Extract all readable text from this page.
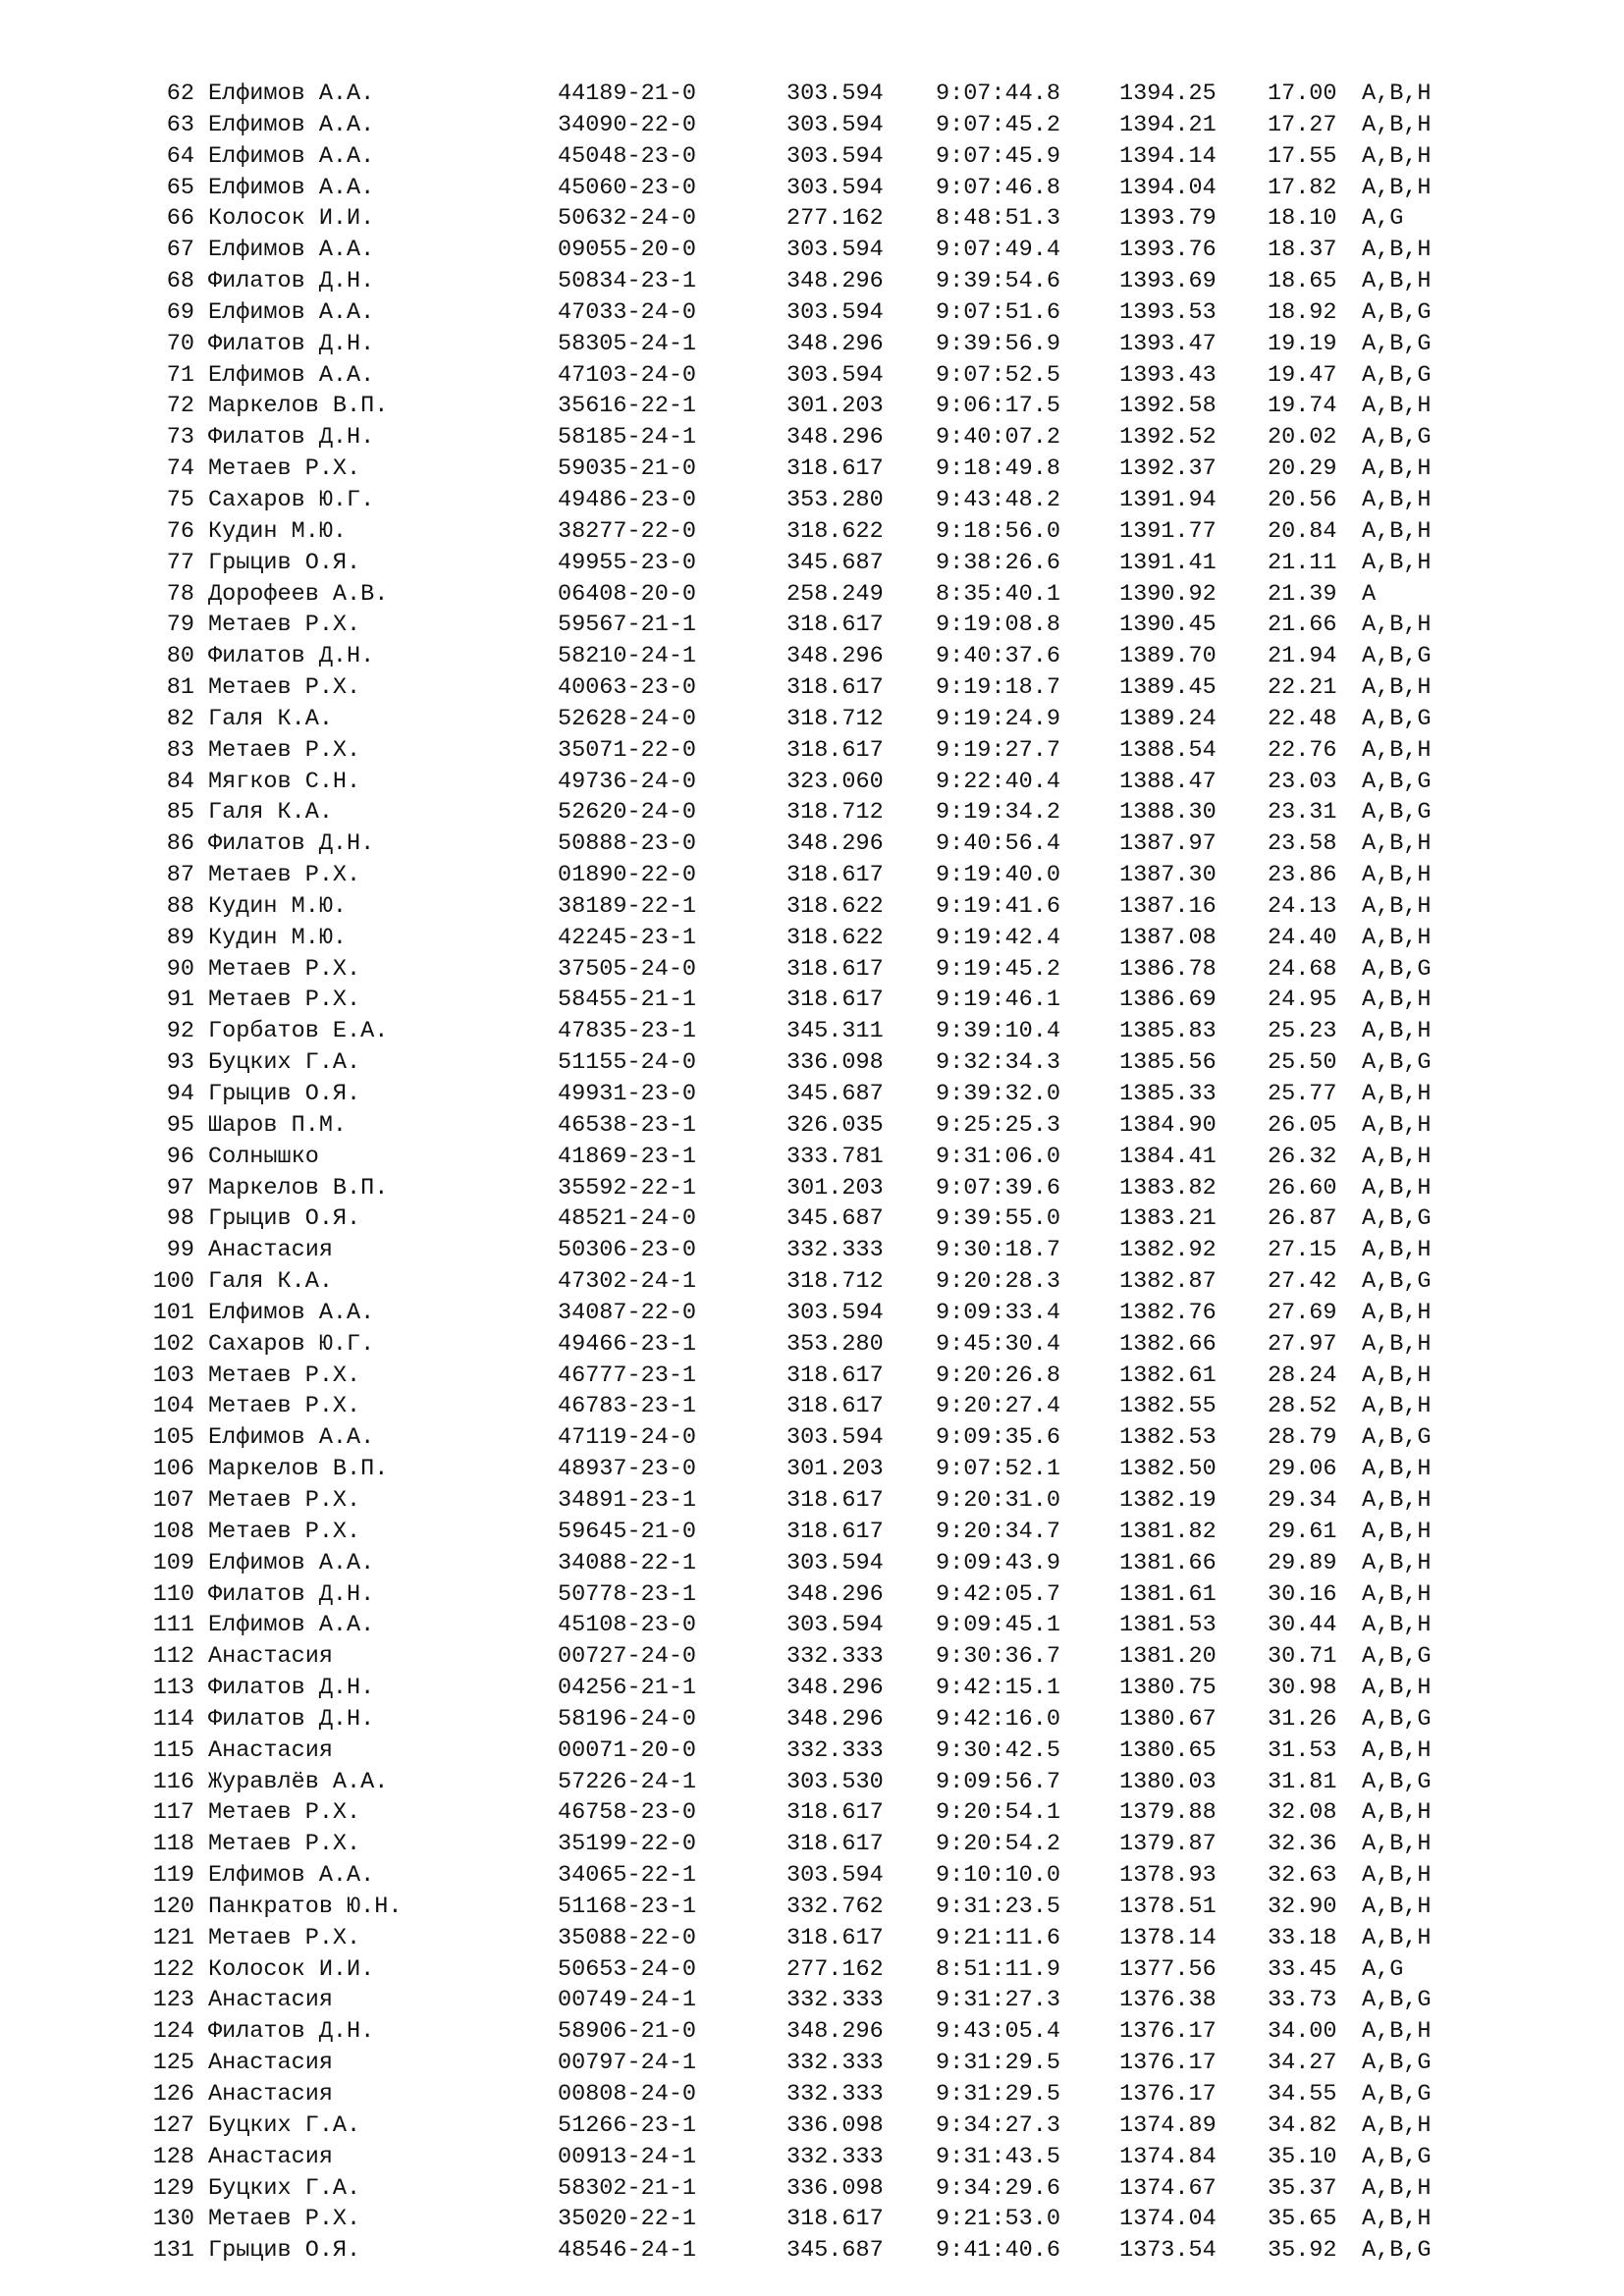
62 Елфимов А.А.	44189-21-0	303.594 9:07:44.8	1394.25 17.00 A,B,H
63 Елфимов А.А.	34090-22-0	303.594 9:07:45.2	1394.21 17.27 A,B,H
64 Елфимов А.А.	45048-23-0	303.594 9:07:45.9	1394.14 17.55 A,B,H
65 Елфимов А.А.	45060-23-0	303.594 9:07:46.8	1394.04 17.82 A,B,H
66 Колосок И.И.	50632-24-0	277.162 8:48:51.3	1393.79 18.10 A,G
67 Елфимов А.А.	09055-20-0	303.594 9:07:49.4	1393.76 18.37 A,B,H
68 Филатов Д.Н.	50834-23-1	348.296 9:39:54.6	1393.69 18.65 A,B,H
69 Елфимов А.А.	47033-24-0	303.594 9:07:51.6	1393.53 18.92 A,B,G
70 Филатов Д.Н.	58305-24-1	348.296 9:39:56.9	1393.47 19.19 A,B,G
71 Елфимов А.А.	47103-24-0	303.594 9:07:52.5	1393.43 19.47 A,B,G
72 Маркелов В.П.	35616-22-1	301.203 9:06:17.5	1392.58 19.74 A,B,H
73 Филатов Д.Н.	58185-24-1	348.296 9:40:07.2	1392.52 20.02 A,B,G
74 Метаев Р.Х.	59035-21-0	318.617 9:18:49.8	1392.37 20.29 A,B,H
75 Сахаров Ю.Г.	49486-23-0	353.280 9:43:48.2	1391.94 20.56 A,B,H
76 Кудин М.Ю.	38277-22-0	318.622 9:18:56.0	1391.77 20.84 A,B,H
77 Грыцив О.Я.	49955-23-0	345.687 9:38:26.6	1391.41 21.11 A,B,H
78 Дорофеев А.В.	06408-20-0	258.249 8:35:40.1	1390.92 21.39 A
79 Метаев Р.Х.	59567-21-1	318.617 9:19:08.8	1390.45 21.66 A,B,H
80 Филатов Д.Н.	58210-24-1	348.296 9:40:37.6	1389.70 21.94 A,B,G
81 Метаев Р.Х.	40063-23-0	318.617 9:19:18.7	1389.45 22.21 A,B,H
82 Галя К.А.	52628-24-0	318.712 9:19:24.9	1389.24 22.48 A,B,G
83 Метаев Р.Х.	35071-22-0	318.617 9:19:27.7	1388.54 22.76 A,B,H
84 Мягков С.Н.	49736-24-0	323.060 9:22:40.4	1388.47 23.03 A,B,G
85 Галя К.А.	52620-24-0	318.712 9:19:34.2	1388.30 23.31 A,B,G
86 Филатов Д.Н.	50888-23-0	348.296 9:40:56.4	1387.97 23.58 A,B,H
87 Метаев Р.Х.	01890-22-0	318.617 9:19:40.0	1387.30 23.86 A,B,H
88 Кудин М.Ю.	38189-22-1	318.622 9:19:41.6	1387.16 24.13 A,B,H
89 Кудин М.Ю.	42245-23-1	318.622 9:19:42.4	1387.08 24.40 A,B,H
90 Метаев Р.Х.	37505-24-0	318.617 9:19:45.2	1386.78 24.68 A,B,G
91 Метаев Р.Х.	58455-21-1	318.617 9:19:46.1	1386.69 24.95 A,B,H
92 Горбатов Е.А.	47835-23-1	345.311 9:39:10.4	1385.83 25.23 A,B,H
93 Буцких Г.А.	51155-24-0	336.098 9:32:34.3	1385.56 25.50 A,B,G
94 Грыцив О.Я.	49931-23-0	345.687 9:39:32.0	1385.33 25.77 A,B,H
95 Шаров П.М.	46538-23-1	326.035 9:25:25.3	1384.90 26.05 A,B,H
96 Солнышко	41869-23-1	333.781 9:31:06.0	1384.41 26.32 A,B,H
97 Маркелов В.П.	35592-22-1	301.203 9:07:39.6	1383.82 26.60 A,B,H
98 Грыцив О.Я.	48521-24-0	345.687 9:39:55.0	1383.21 26.87 A,B,G
99 Анастасия	50306-23-0	332.333 9:30:18.7	1382.92 27.15 A,B,H
100 Галя К.А.	47302-24-1	318.712 9:20:28.3	1382.87 27.42 A,B,G
101 Елфимов А.А.	34087-22-0	303.594 9:09:33.4	1382.76 27.69 A,B,H
102 Сахаров Ю.Г.	49466-23-1	353.280 9:45:30.4	1382.66 27.97 A,B,H
103 Метаев Р.Х.	46777-23-1	318.617 9:20:26.8	1382.61 28.24 A,B,H
104 Метаев Р.Х.	46783-23-1	318.617 9:20:27.4	1382.55 28.52 A,B,H
105 Елфимов А.А.	47119-24-0	303.594 9:09:35.6	1382.53 28.79 A,B,G
106 Маркелов В.П.	48937-23-0	301.203 9:07:52.1	1382.50 29.06 A,B,H
107 Метаев Р.Х.	34891-23-1	318.617 9:20:31.0	1382.19 29.34 A,B,H
108 Метаев Р.Х.	59645-21-0	318.617 9:20:34.7	1381.82 29.61 A,B,H
109 Елфимов А.А.	34088-22-1	303.594 9:09:43.9	1381.66 29.89 A,B,H
110 Филатов Д.Н.	50778-23-1	348.296 9:42:05.7	1381.61 30.16 A,B,H
111 Елфимов А.А.	45108-23-0	303.594 9:09:45.1	1381.53 30.44 A,B,H
112 Анастасия	00727-24-0	332.333 9:30:36.7	1381.20 30.71 A,B,G
113 Филатов Д.Н.	04256-21-1	348.296 9:42:15.1	1380.75 30.98 A,B,H
114 Филатов Д.Н.	58196-24-0	348.296 9:42:16.0	1380.67 31.26 A,B,G
115 Анастасия	00071-20-0	332.333 9:30:42.5	1380.65 31.53 A,B,H
116 Журавлёв А.А.	57226-24-1	303.530 9:09:56.7	1380.03 31.81 A,B,G
117 Метаев Р.Х.	46758-23-0	318.617 9:20:54.1	1379.88 32.08 A,B,H
118 Метаев Р.Х.	35199-22-0	318.617 9:20:54.2	1379.87 32.36 A,B,H
119 Елфимов А.А.	34065-22-1	303.594 9:10:10.0	1378.93 32.63 A,B,H
120 Панкратов Ю.Н.	51168-23-1	332.762 9:31:23.5	1378.51 32.90 A,B,H
121 Метаев Р.Х.	35088-22-0	318.617 9:21:11.6	1378.14 33.18 A,B,H
122 Колосок И.И.	50653-24-0	277.162 8:51:11.9	1377.56 33.45 A,G
123 Анастасия	00749-24-1	332.333 9:31:27.3	1376.38 33.73 A,B,G
124 Филатов Д.Н.	58906-21-0	348.296 9:43:05.4	1376.17 34.00 A,B,H
125 Анастасия	00797-24-1	332.333 9:31:29.5	1376.17 34.27 A,B,G
126 Анастасия	00808-24-0	332.333 9:31:29.5	1376.17 34.55 A,B,G
127 Буцких Г.А.	51266-23-1	336.098 9:34:27.3	1374.89 34.82 A,B,H
128 Анастасия	00913-24-1	332.333 9:31:43.5	1374.84 35.10 A,B,G
129 Буцких Г.А.	58302-21-1	336.098 9:34:29.6	1374.67 35.37 A,B,H
130 Метаев Р.Х.	35020-22-1	318.617 9:21:53.0	1374.04 35.65 A,B,H
131 Грыцив О.Я.	48546-24-1	345.687 9:41:40.6	1373.54 35.92 A,B,G
